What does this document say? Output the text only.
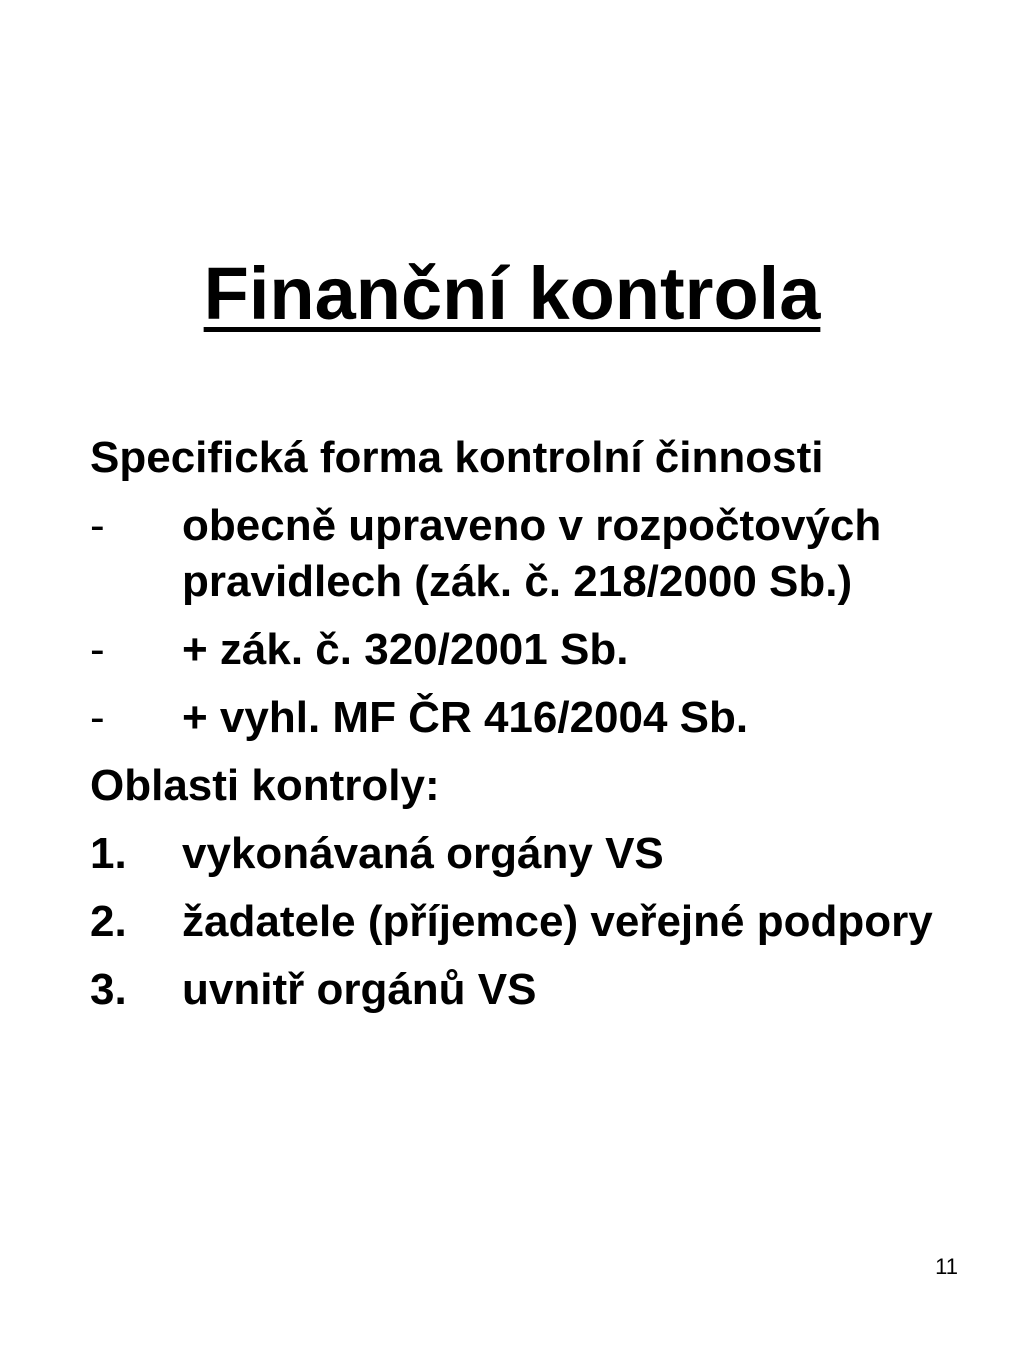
Finanční kontrola

Specifická forma kontrolní činnosti

- obecně upraveno v rozpočtových pravidlech (zák. č. 218/2000 Sb.)
- + zák. č. 320/2001 Sb.
- + vyhl. MF ČR 416/2004 Sb.

Oblasti kontroly:

1. vykonávaná orgány VS
2. žadatele (příjemce) veřejné podpory
3. uvnitř orgánů VS
11
